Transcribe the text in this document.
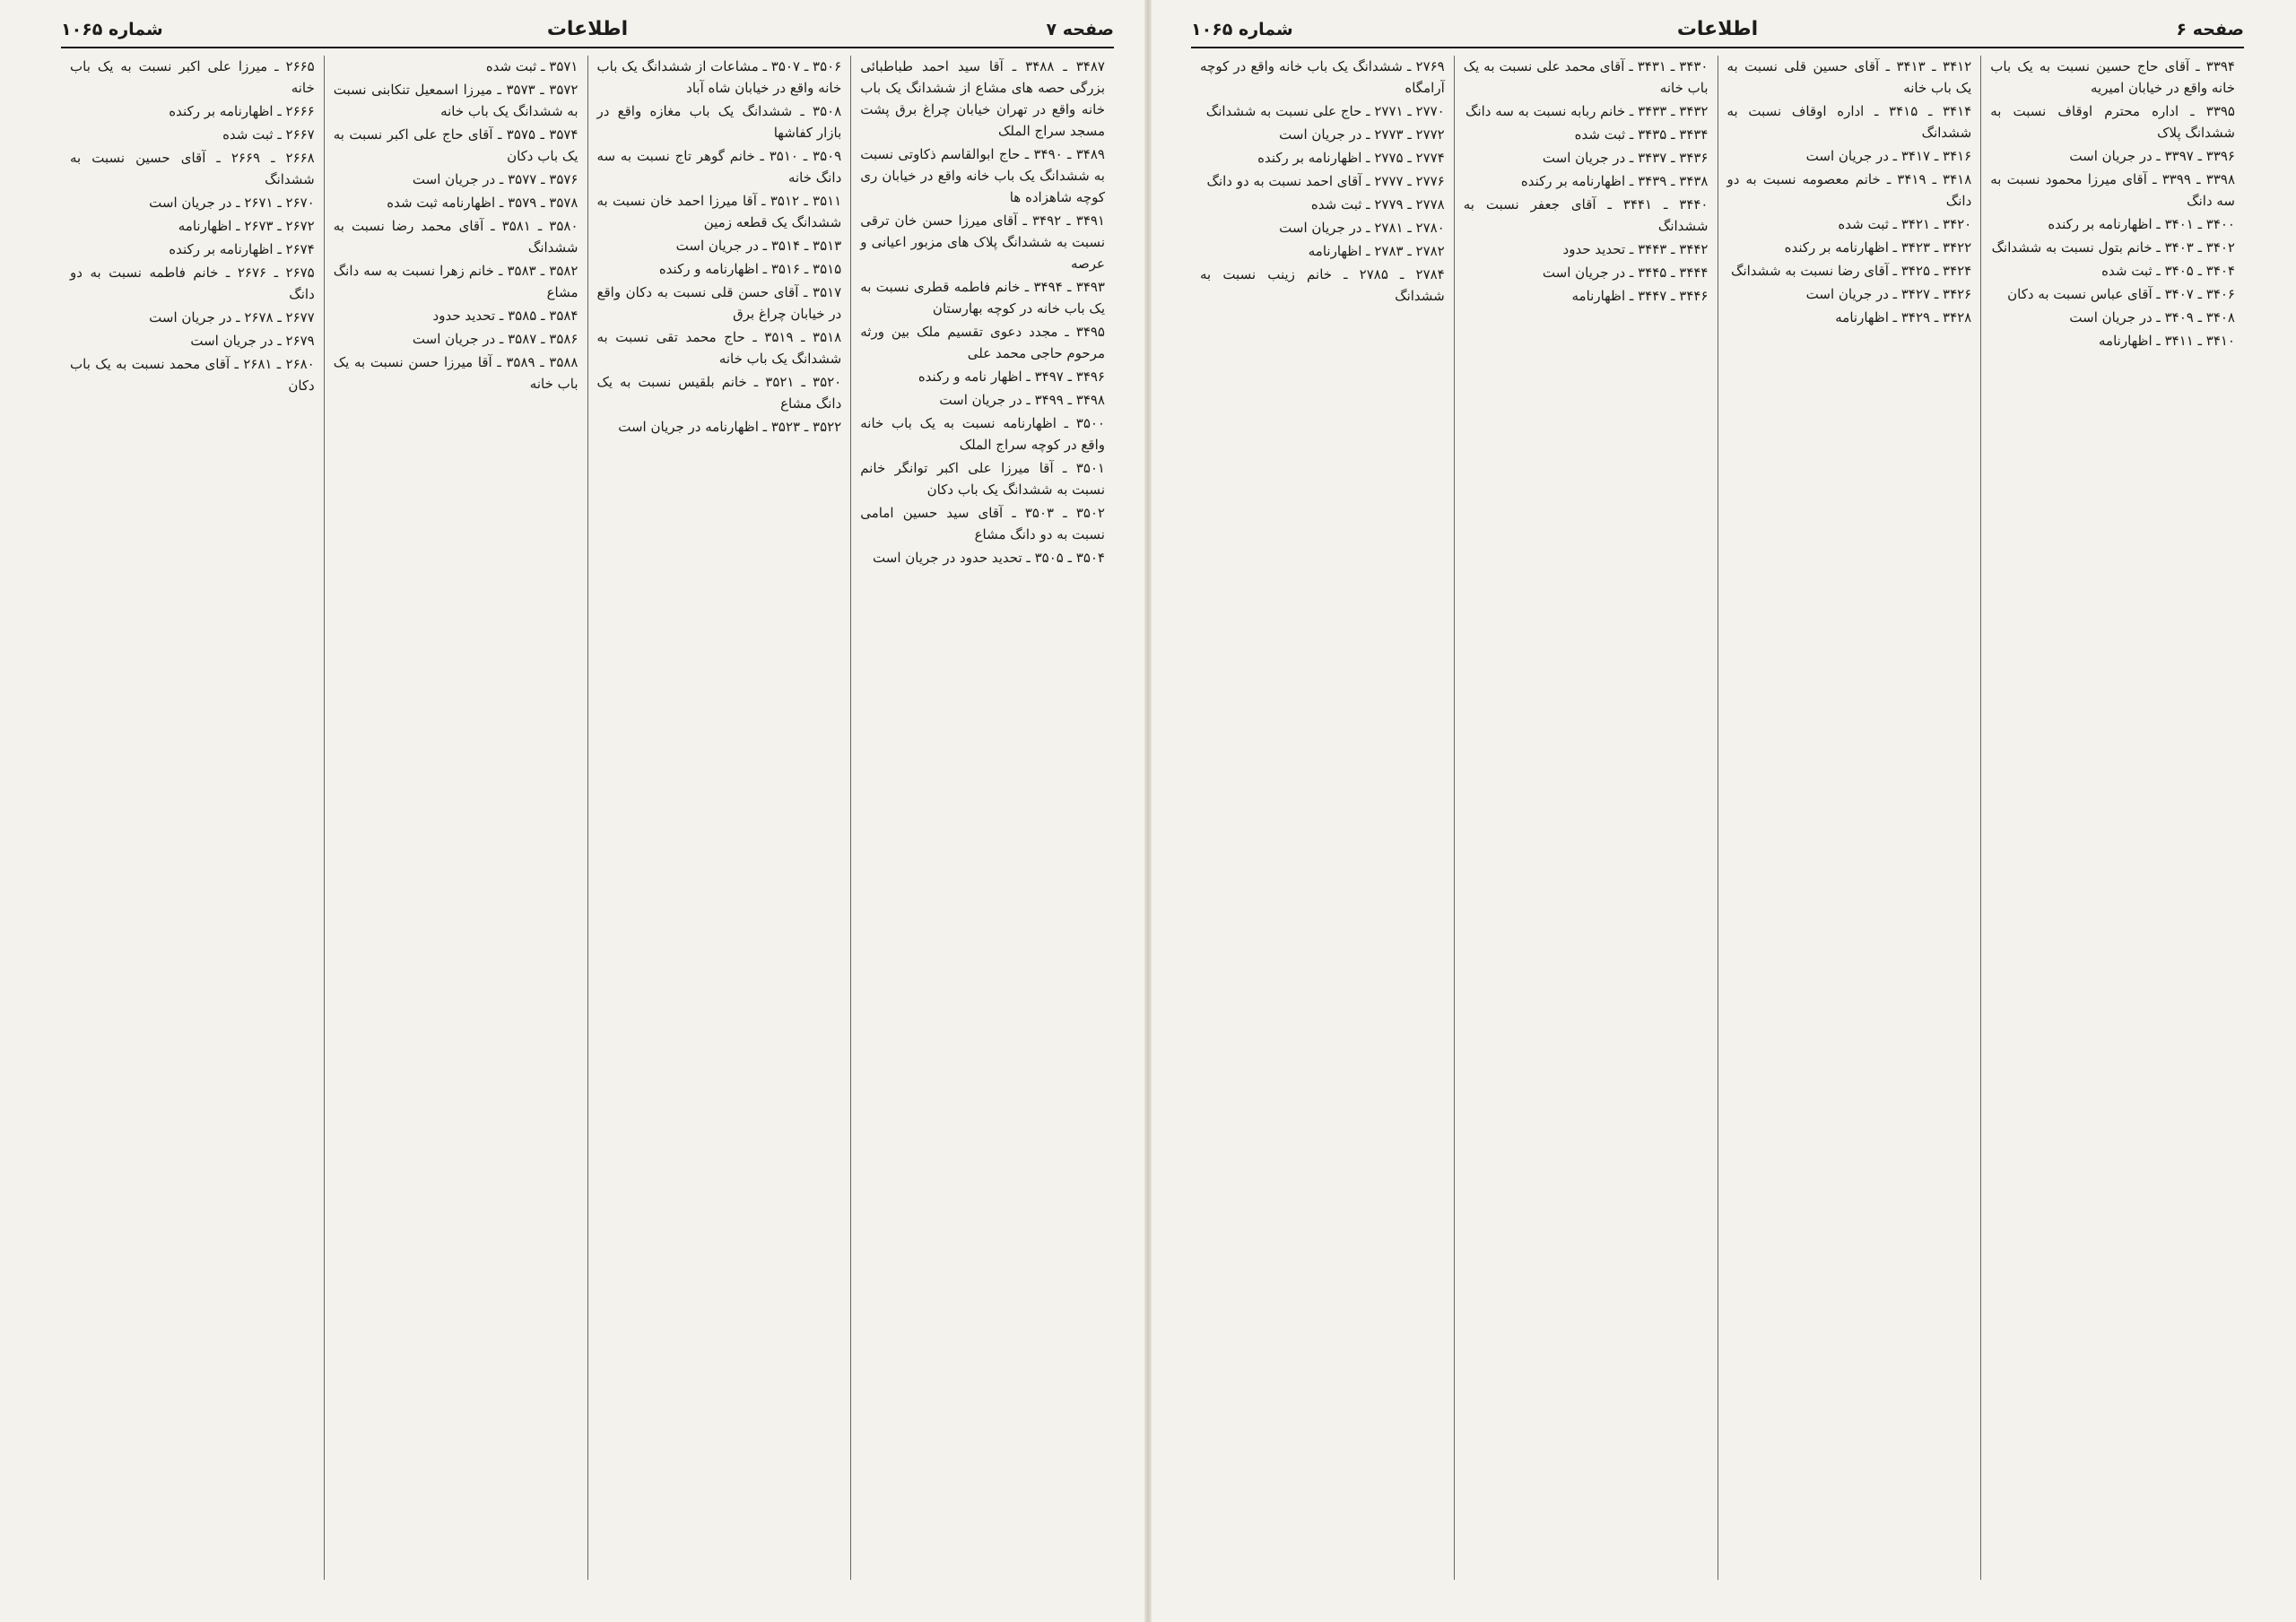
صفحه ۷
اطلاعات
شماره ۱۰۶۵

۳۴۸۷ ـ ۳۴۸۸ ـ آقا سید احمد طباطبائی بزرگی حصه های مشاع از ششدانگ یک باب خانه واقع در تهران خیابان چراغ برق پشت مسجد سراج الملک

۳۴۸۹ ـ ۳۴۹۰ ـ حاج ابوالقاسم ذکاوتی نسبت به ششدانگ یک باب خانه واقع در خیابان ری کوچه شاهزاده ها

۳۴۹۱ ـ ۳۴۹۲ ـ آقای میرزا حسن خان ترقی نسبت به ششدانگ پلاک های مزبور اعیانی و عرصه

۳۴۹۳ ـ ۳۴۹۴ ـ خانم فاطمه قطری نسبت به یک باب خانه در کوچه بهارستان

۳۴۹۵ ـ مجدد دعوی تقسیم ملک بین ورثه مرحوم حاجی محمد علی

۳۴۹۶ ـ ۳۴۹۷ ـ اظهار نامه و رکنده

۳۴۹۸ ـ ۳۴۹۹ ـ در جریان است

۳۵۰۰ ـ اظهارنامه نسبت به یک باب خانه واقع در کوچه سراج الملک

۳۵۰۱ ـ آقا میرزا علی اکبر توانگر خانم نسبت به ششدانگ یک باب دکان

۳۵۰۲ ـ ۳۵۰۳ ـ آقای سید حسین امامی نسبت به دو دانگ مشاع

۳۵۰۴ ـ ۳۵۰۵ ـ تحدید حدود در جریان است

۳۵۰۶ ـ ۳۵۰۷ ـ مشاعات از ششدانگ یک باب خانه واقع در خیابان شاه آباد

۳۵۰۸ ـ ششدانگ یک باب مغازه واقع در بازار کفاشها

۳۵۰۹ ـ ۳۵۱۰ ـ خانم گوهر تاج نسبت به سه دانگ خانه

۳۵۱۱ ـ ۳۵۱۲ ـ آقا میرزا احمد خان نسبت به ششدانگ یک قطعه زمین

۳۵۱۳ ـ ۳۵۱۴ ـ در جریان است

۳۵۱۵ ـ ۳۵۱۶ ـ اظهارنامه و رکنده

۳۵۱۷ ـ آقای حسن قلی نسبت به دکان واقع در خیابان چراغ برق

۳۵۱۸ ـ ۳۵۱۹ ـ حاج محمد تقی نسبت به ششدانگ یک باب خانه

۳۵۲۰ ـ ۳۵۲۱ ـ خانم بلقیس نسبت به یک دانگ مشاع

۳۵۲۲ ـ ۳۵۲۳ ـ اظهارنامه در جریان است

۳۵۷۱ ـ ثبت شده

۳۵۷۲ ـ ۳۵۷۳ ـ میرزا اسمعیل تنکابنی نسبت به ششدانگ یک باب خانه

۳۵۷۴ ـ ۳۵۷۵ ـ آقای حاج علی اکبر نسبت به یک باب دکان

۳۵۷۶ ـ ۳۵۷۷ ـ در جریان است

۳۵۷۸ ـ ۳۵۷۹ ـ اظهارنامه ثبت شده

۳۵۸۰ ـ ۳۵۸۱ ـ آقای محمد رضا نسبت به ششدانگ

۳۵۸۲ ـ ۳۵۸۳ ـ خانم زهرا نسبت به سه دانگ مشاع

۳۵۸۴ ـ ۳۵۸۵ ـ تحدید حدود

۳۵۸۶ ـ ۳۵۸۷ ـ در جریان است

۳۵۸۸ ـ ۳۵۸۹ ـ آقا میرزا حسن نسبت به یک باب خانه

۲۶۶۵ ـ میرزا علی اکبر نسبت به یک باب خانه

۲۶۶۶ ـ اظهارنامه بر رکنده

۲۶۶۷ ـ ثبت شده

۲۶۶۸ ـ ۲۶۶۹ ـ آقای حسین نسبت به ششدانگ

۲۶۷۰ ـ ۲۶۷۱ ـ در جریان است

۲۶۷۲ ـ ۲۶۷۳ ـ اظهارنامه

۲۶۷۴ ـ اظهارنامه بر رکنده

۲۶۷۵ ـ ۲۶۷۶ ـ خانم فاطمه نسبت به دو دانگ

۲۶۷۷ ـ ۲۶۷۸ ـ در جریان است

۲۶۷۹ ـ در جریان است

۲۶۸۰ ـ ۲۶۸۱ ـ آقای محمد نسبت به یک باب دکان

صفحه ۶
اطلاعات
شماره ۱۰۶۵

۳۳۹۴ ـ آقای حاج حسین نسبت به یک باب خانه واقع در خیابان امیریه

۳۳۹۵ ـ اداره محترم اوقاف نسبت به ششدانگ پلاک

۳۳۹۶ ـ ۳۳۹۷ ـ در جریان است

۳۳۹۸ ـ ۳۳۹۹ ـ آقای میرزا محمود نسبت به سه دانگ

۳۴۰۰ ـ ۳۴۰۱ ـ اظهارنامه بر رکنده

۳۴۰۲ ـ ۳۴۰۳ ـ خانم بتول نسبت به ششدانگ

۳۴۰۴ ـ ۳۴۰۵ ـ ثبت شده

۳۴۰۶ ـ ۳۴۰۷ ـ آقای عباس نسبت به دکان

۳۴۰۸ ـ ۳۴۰۹ ـ در جریان است

۳۴۱۰ ـ ۳۴۱۱ ـ اظهارنامه

۳۴۱۲ ـ ۳۴۱۳ ـ آقای حسین قلی نسبت به یک باب خانه

۳۴۱۴ ـ ۳۴۱۵ ـ اداره اوقاف نسبت به ششدانگ

۳۴۱۶ ـ ۳۴۱۷ ـ در جریان است

۳۴۱۸ ـ ۳۴۱۹ ـ خانم معصومه نسبت به دو دانگ

۳۴۲۰ ـ ۳۴۲۱ ـ ثبت شده

۳۴۲۲ ـ ۳۴۲۳ ـ اظهارنامه بر رکنده

۳۴۲۴ ـ ۳۴۲۵ ـ آقای رضا نسبت به ششدانگ

۳۴۲۶ ـ ۳۴۲۷ ـ در جریان است

۳۴۲۸ ـ ۳۴۲۹ ـ اظهارنامه

۳۴۳۰ ـ ۳۴۳۱ ـ آقای محمد علی نسبت به یک باب خانه

۳۴۳۲ ـ ۳۴۳۳ ـ خانم ربابه نسبت به سه دانگ

۳۴۳۴ ـ ۳۴۳۵ ـ ثبت شده

۳۴۳۶ ـ ۳۴۳۷ ـ در جریان است

۳۴۳۸ ـ ۳۴۳۹ ـ اظهارنامه بر رکنده

۳۴۴۰ ـ ۳۴۴۱ ـ آقای جعفر نسبت به ششدانگ

۳۴۴۲ ـ ۳۴۴۳ ـ تحدید حدود

۳۴۴۴ ـ ۳۴۴۵ ـ در جریان است

۳۴۴۶ ـ ۳۴۴۷ ـ اظهارنامه

۲۷۶۹ ـ ششدانگ یک باب خانه واقع در کوچه آرامگاه

۲۷۷۰ ـ ۲۷۷۱ ـ حاج علی نسبت به ششدانگ

۲۷۷۲ ـ ۲۷۷۳ ـ در جریان است

۲۷۷۴ ـ ۲۷۷۵ ـ اظهارنامه بر رکنده

۲۷۷۶ ـ ۲۷۷۷ ـ آقای احمد نسبت به دو دانگ

۲۷۷۸ ـ ۲۷۷۹ ـ ثبت شده

۲۷۸۰ ـ ۲۷۸۱ ـ در جریان است

۲۷۸۲ ـ ۲۷۸۳ ـ اظهارنامه

۲۷۸۴ ـ ۲۷۸۵ ـ خانم زینب نسبت به ششدانگ
